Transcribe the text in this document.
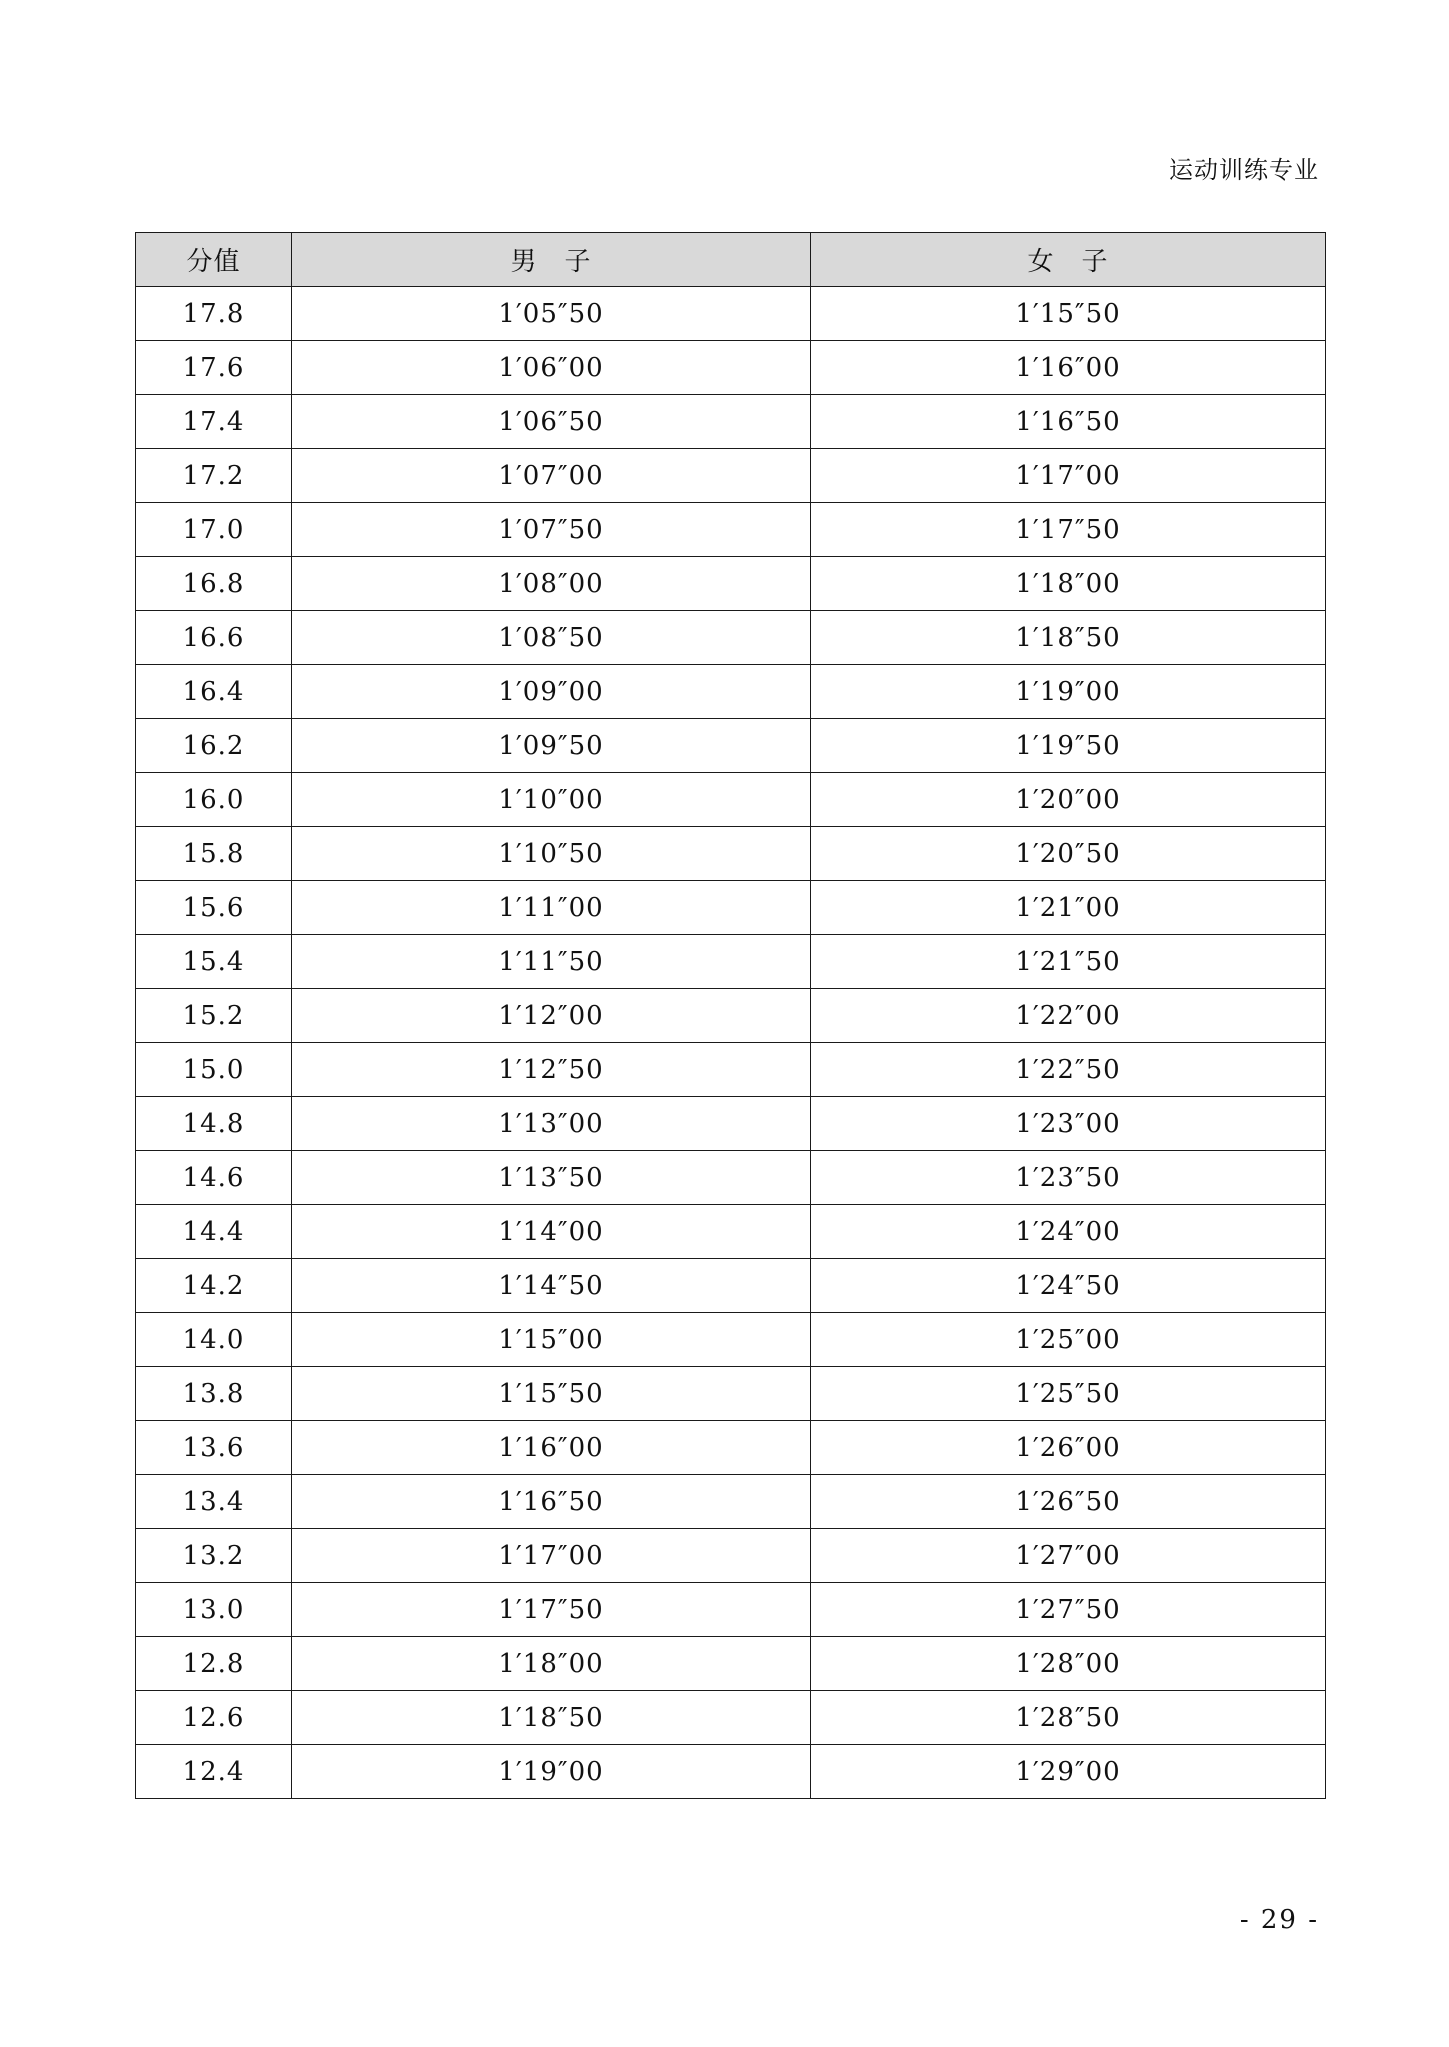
运动训练专业
分值	男　子	女　子
17.8	1′05″50	1′15″50
17.6	1′06″00	1′16″00
17.4	1′06″50	1′16″50
17.2	1′07″00	1′17″00
17.0	1′07″50	1′17″50
16.8	1′08″00	1′18″00
16.6	1′08″50	1′18″50
16.4	1′09″00	1′19″00
16.2	1′09″50	1′19″50
16.0	1′10″00	1′20″00
15.8	1′10″50	1′20″50
15.6	1′11″00	1′21″00
15.4	1′11″50	1′21″50
15.2	1′12″00	1′22″00
15.0	1′12″50	1′22″50
14.8	1′13″00	1′23″00
14.6	1′13″50	1′23″50
14.4	1′14″00	1′24″00
14.2	1′14″50	1′24″50
14.0	1′15″00	1′25″00
13.8	1′15″50	1′25″50
13.6	1′16″00	1′26″00
13.4	1′16″50	1′26″50
13.2	1′17″00	1′27″00
13.0	1′17″50	1′27″50
12.8	1′18″00	1′28″00
12.6	1′18″50	1′28″50
12.4	1′19″00	1′29″00
- 29 -
